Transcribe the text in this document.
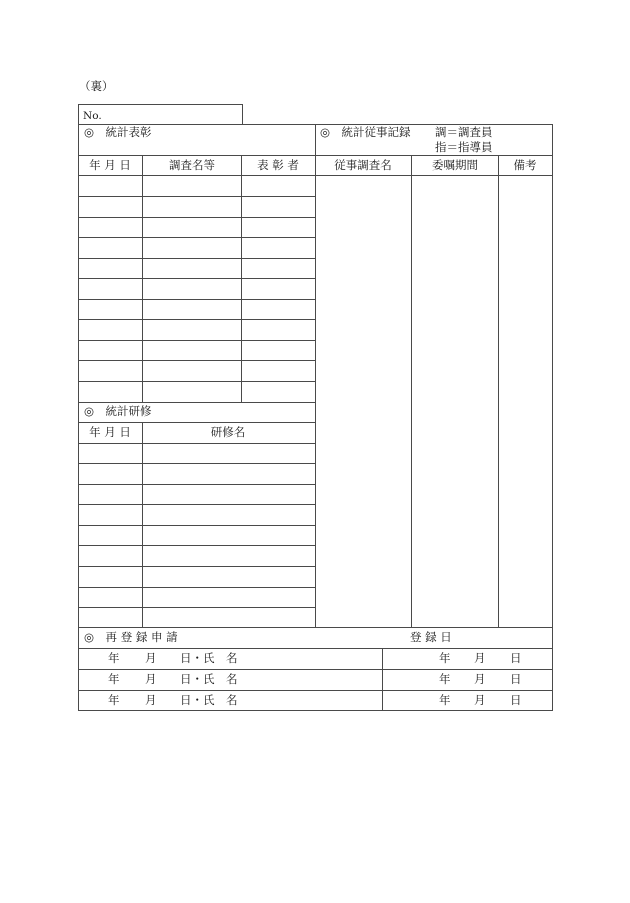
（裏）
No.
◎　統計表彰	◎　統計従事記録 調＝調査員
指＝指導員
年 月 日	調査名等	表 彰 者	従事調査名	委嘱期間	備考
◎　統計研修
年 月 日	研修名
◎　再 登 録 申 請	登 録 日
年 月 日・氏 名	年 月 日
年 月 日・氏 名	年 月 日
年 月 日・氏 名	年 月 日
